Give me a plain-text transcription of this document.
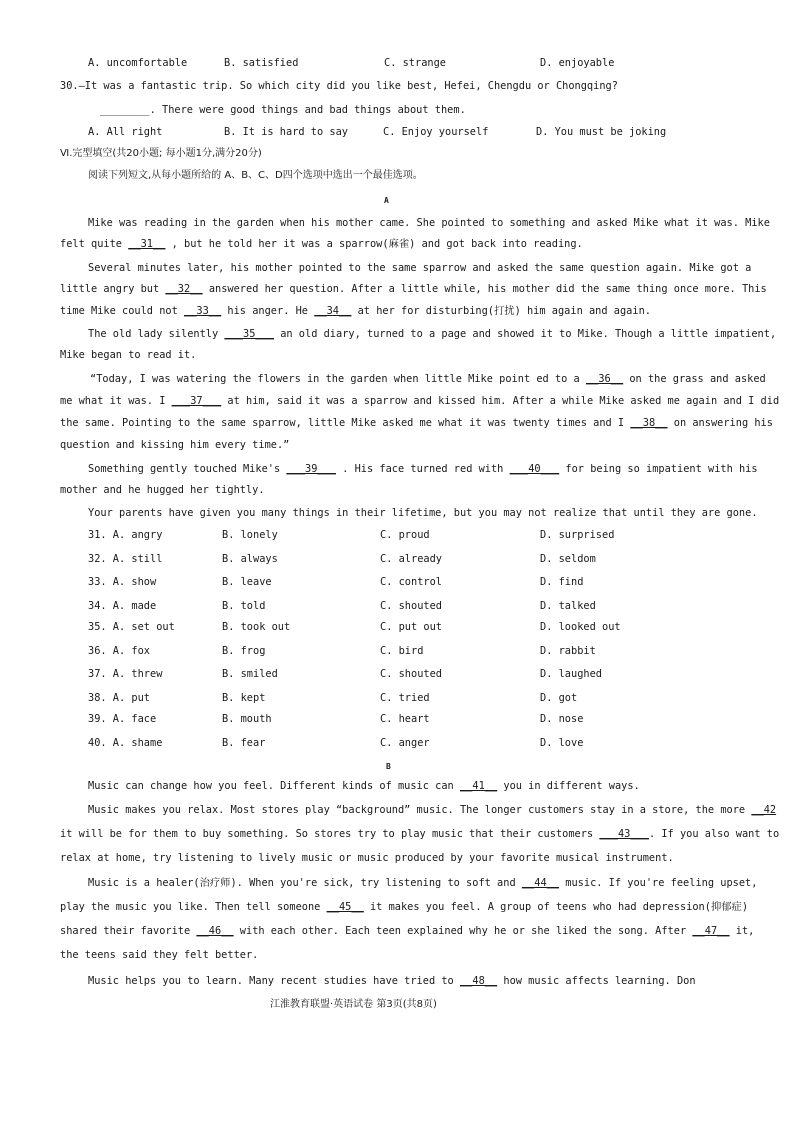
A. uncomfortable	B. satisfied	C. strange	D. enjoyable
30.—It was a fantastic trip. So which city did you like best, Hefei, Chengdu or Chongqing?
________. There were good things and bad things about them.
A. All right	B. It is hard to say	C. Enjoy yourself	D. You must be joking
Ⅵ.完型填空(共20小题; 每小题1分,满分20分)
阅读下列短文,从每小题所给的 A、B、C、D四个选项中选出一个最佳选项。
A
Mike was reading in the garden when his mother came. She pointed to something and asked Mike what it was. Mike
felt quite __31__ , but he told her it was a sparrow(麻雀) and got back into reading.
Several minutes later, his mother pointed to the same sparrow and asked the same question again. Mike got a
little angry but __32__ answered her question. After a little while, his mother did the same thing once more. This
time Mike could not __33__ his anger. He __34__ at her for disturbing(打扰) him again and again.
The old lady silently ___35___ an old diary, turned to a page and showed it to Mike. Though a little impatient,
Mike began to read it.
“Today, I was watering the flowers in the garden when little Mike point ed to a __36__ on the grass and asked
me what it was. I ___37___ at him, said it was a sparrow and kissed him. After a while Mike asked me again and I did
the same. Pointing to the same sparrow, little Mike asked me what it was twenty times and I __38__ on answering his
question and kissing him every time.”
Something gently touched Mike's ___39___ . His face turned red with ___40___ for being so impatient with his
mother and he hugged her tightly.
Your parents have given you many things in their lifetime, but you may not realize that until they are gone.
31. A. angry	B. lonely	C. proud	D. surprised
32. A. still	B. always	C. already	D. seldom
33. A. show	B. leave	C. control	D. find
34. A. made	B. told	C. shouted	D. talked
35. A. set out	B. took out	C. put out	D. looked out
36. A. fox	B. frog	C. bird	D. rabbit
37. A. threw	B. smiled	C. shouted	D. laughed
38. A. put	B. kept	C. tried	D. got
39. A. face	B. mouth	C. heart	D. nose
40. A. shame	B. fear	C. anger	D. love
B
Music can change how you feel. Different kinds of music can __41__ you in different ways.
Music makes you relax. Most stores play “background” music. The longer customers stay in a store, the more __42
it will be for them to buy something. So stores try to play music that their customers ___43___. If you also want to
relax at home, try listening to lively music or music produced by your favorite musical instrument.
Music is a healer(治疗师). When you're sick, try listening to soft and __44__ music. If you're feeling upset,
play the music you like. Then tell someone __45__ it makes you feel. A group of teens who had depression(抑郁症)
shared their favorite __46__ with each other. Each teen explained why he or she liked the song. After __47__ it,
the teens said they felt better.
Music helps you to learn. Many recent studies have tried to __48__ how music affects learning. Don
江淮教育联盟·英语试卷 第3页(共8页)
